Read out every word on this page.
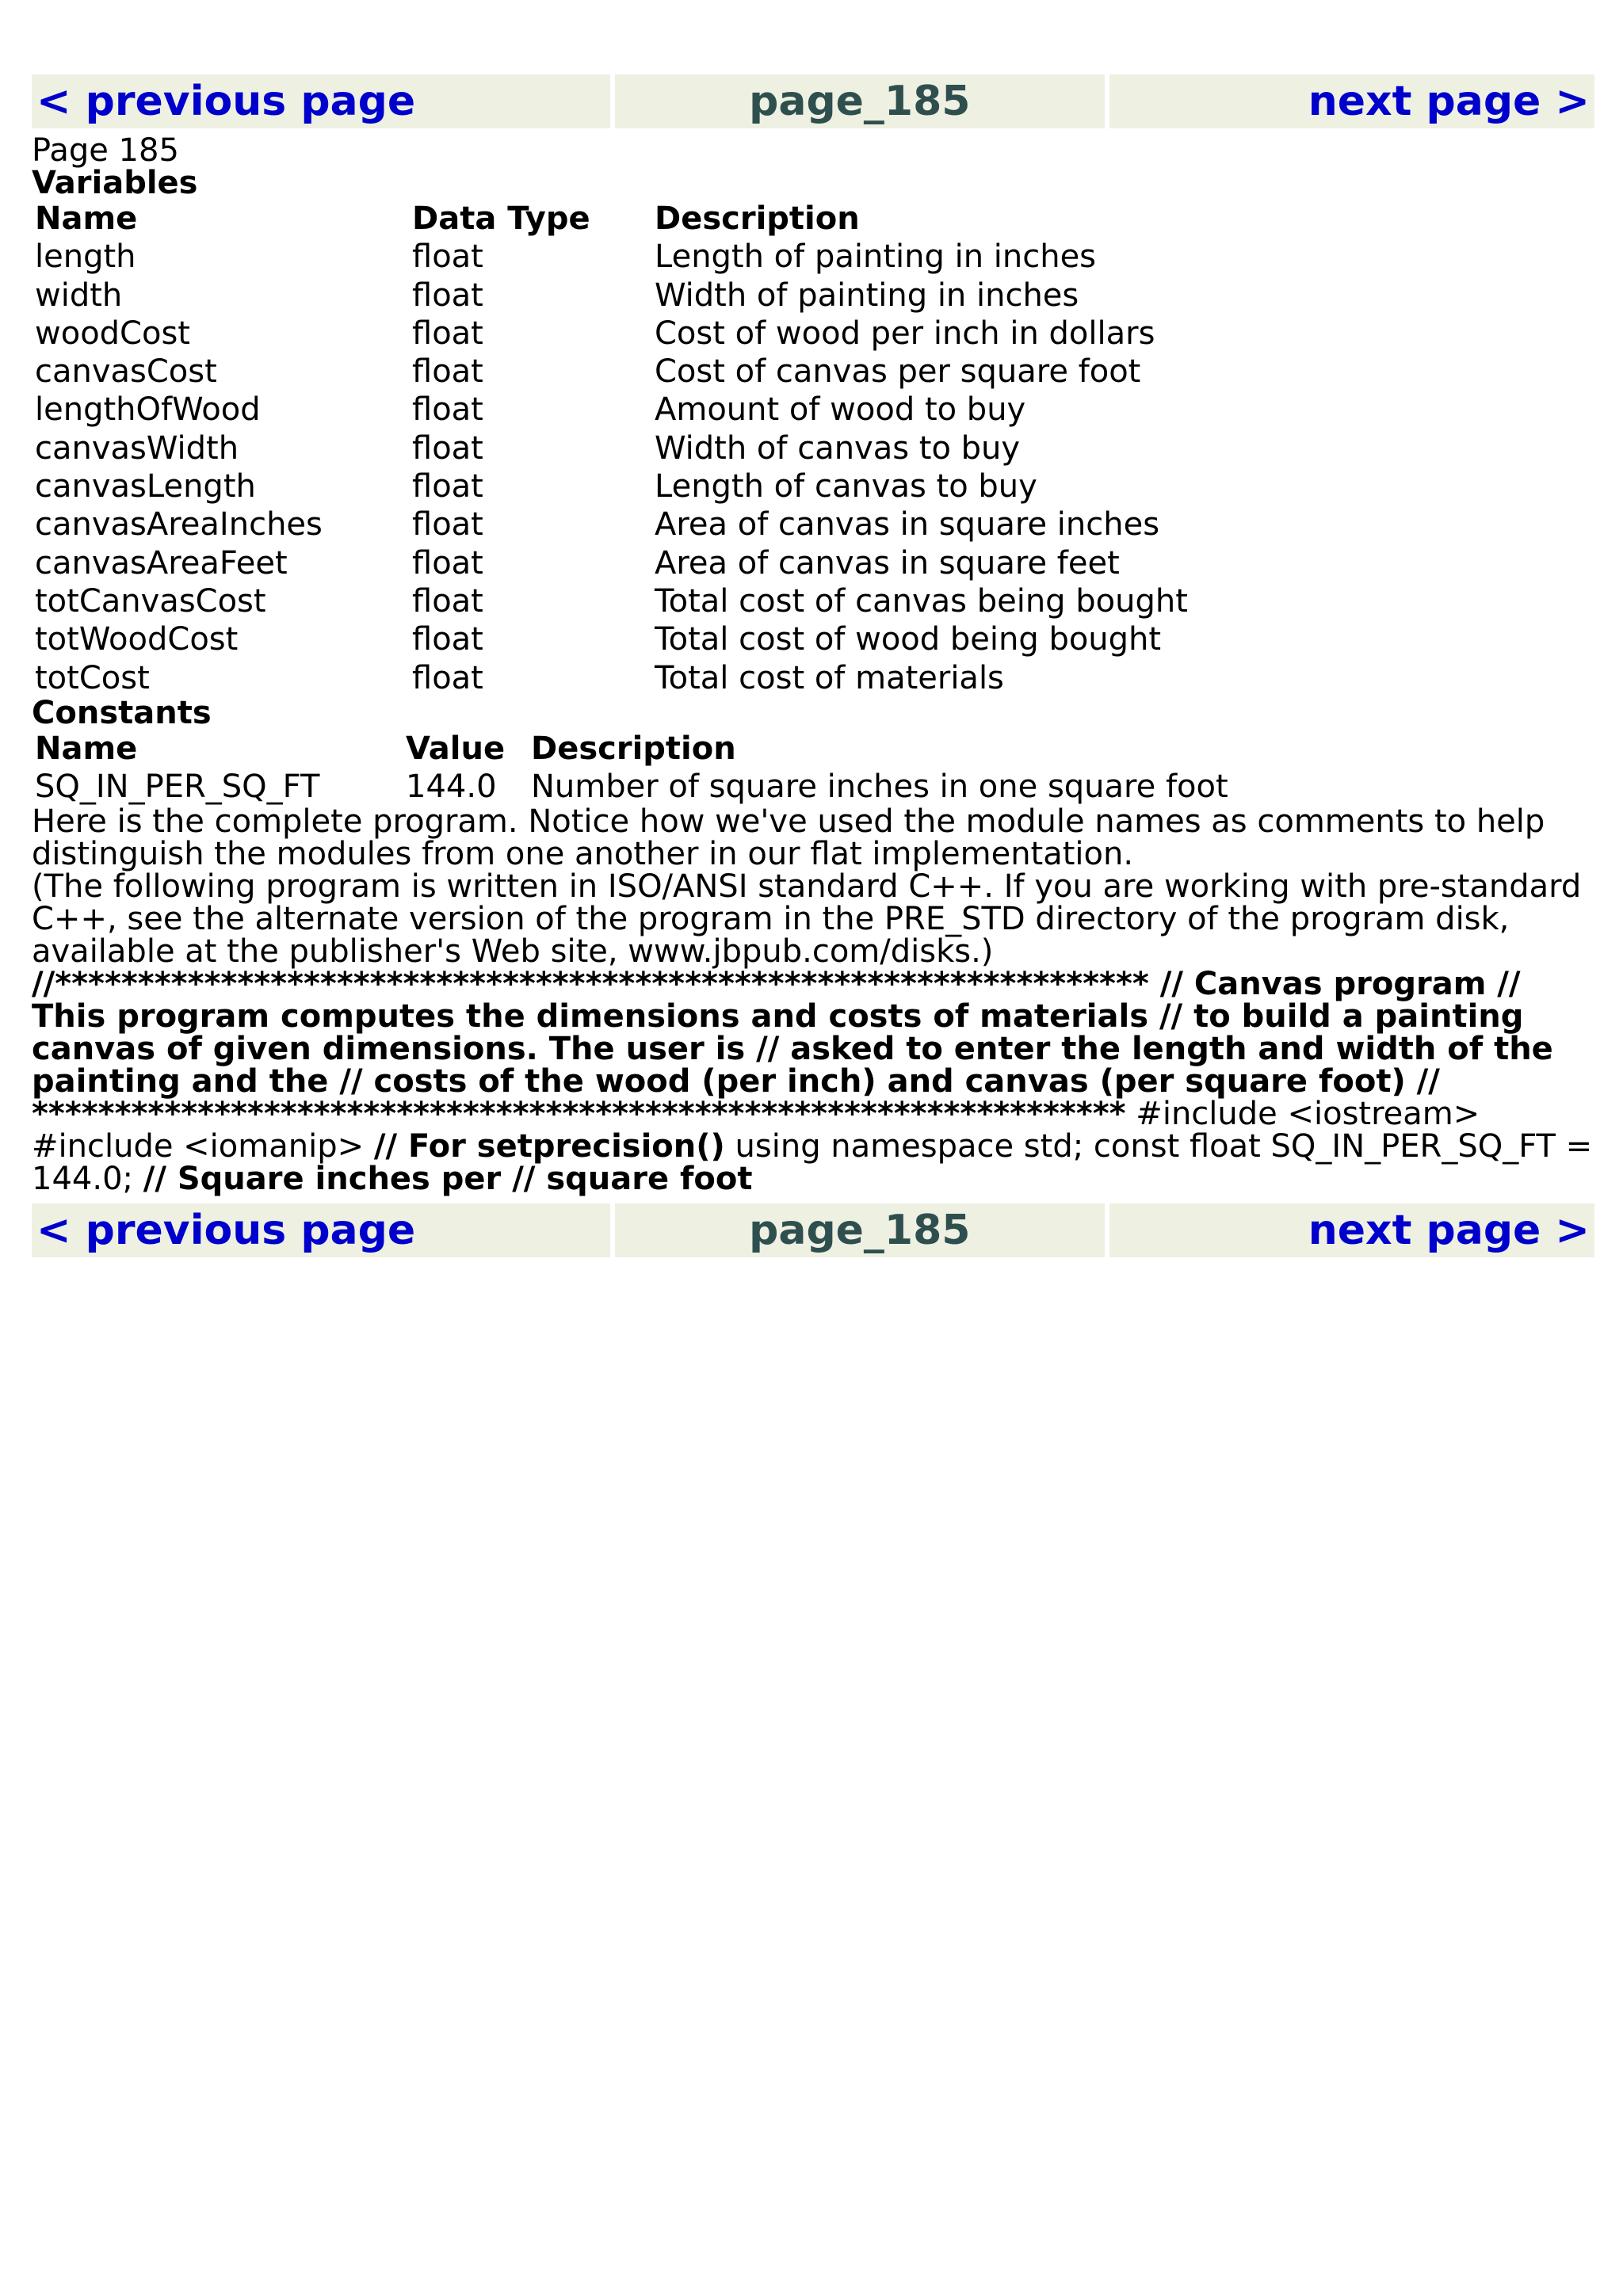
< previous page	page_185	next page >
Page 185
Variables
Name	Data Type	Description
length	float	Length of painting in inches
width	float	Width of painting in inches
woodCost	float	Cost of wood per inch in dollars
canvasCost	float	Cost of canvas per square foot
lengthOfWood	float	Amount of wood to buy
canvasWidth	float	Width of canvas to buy
canvasLength	float	Length of canvas to buy
canvasAreaInches	float	Area of canvas in square inches
canvasAreaFeet	float	Area of canvas in square feet
totCanvasCost	float	Total cost of canvas being bought
totWoodCost	float	Total cost of wood being bought
totCost	float	Total cost of materials
Constants
Name	Value	Description
SQ_IN_PER_SQ_FT	144.0	Number of square inches in one square foot

Here is the complete program. Notice how we've used the module names as comments to help distinguish the modules from one another in our flat implementation.

(The following program is written in ISO/ANSI standard C++. If you are working with pre-standard C++, see the alternate version of the program in the PRE_STD directory of the program disk, available at the publisher's Web site, www.jbpub.com/disks.)

//****************************************************************** // Canvas program // This program computes the dimensions and costs of materials // to build a painting canvas of given dimensions. The user is // asked to enter the length and width of the painting and the // costs of the wood (per inch) and canvas (per square foot) // ****************************************************************** #include <iostream> #include <iomanip> // For setprecision() using namespace std; const float SQ_IN_PER_SQ_FT = 144.0; // Square inches per // square foot

< previous page	page_185	next page >
